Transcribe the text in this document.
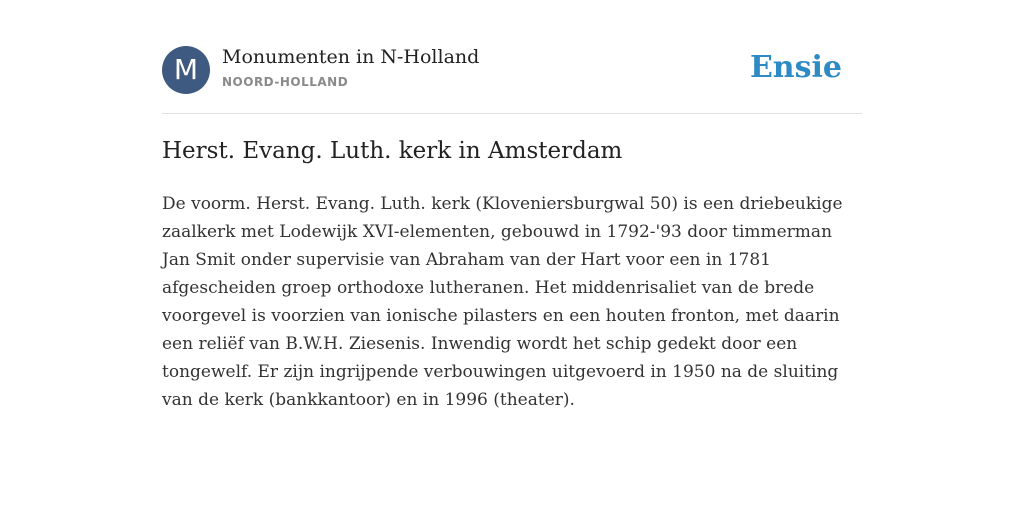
M	Monumenten in N-Holland
NOORD-HOLLAND	Ensie
Herst. Evang. Luth. kerk in Amsterdam

De voorm. Herst. Evang. Luth. kerk (Kloveniersburgwal 50) is een driebeukige zaalkerk met Lodewijk XVI-elementen, gebouwd in 1792-'93 door timmerman Jan Smit onder supervisie van Abraham van der Hart voor een in 1781 afgescheiden groep orthodoxe lutheranen. Het middenrisaliet van de brede voorgevel is voorzien van ionische pilasters en een houten fronton, met daarin een reliëf van B.W.H. Ziesenis. Inwendig wordt het schip gedekt door een tongewelf. Er zijn ingrijpende verbouwingen uitgevoerd in 1950 na de sluiting van de kerk (bankkantoor) en in 1996 (theater).
